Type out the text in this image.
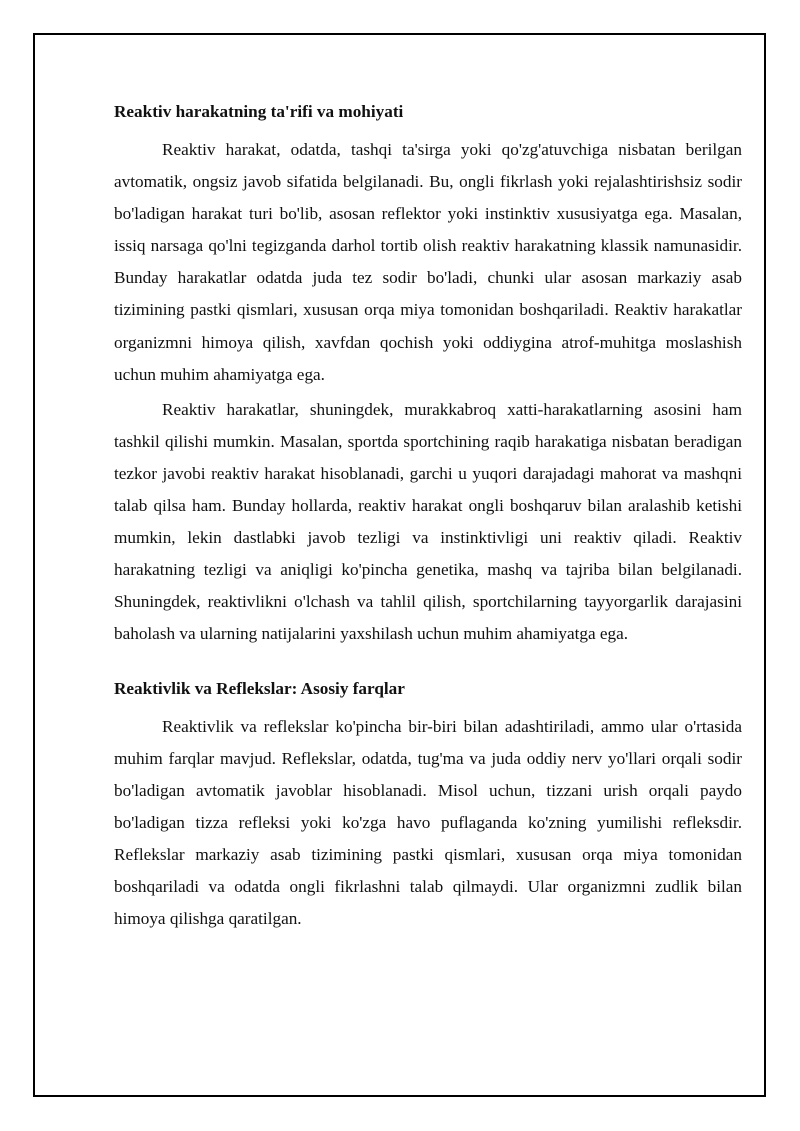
Reaktiv harakatning ta'rifi va mohiyati

Reaktiv harakat, odatda, tashqi ta'sirga yoki qo'zg'atuvchiga nisbatan berilgan avtomatik, ongsiz javob sifatida belgilanadi. Bu, ongli fikrlash yoki rejalashtirishsiz sodir bo'ladigan harakat turi bo'lib, asosan reflektor yoki instinktiv xususiyatga ega. Masalan, issiq narsaga qo'lni tegizganda darhol tortib olish reaktiv harakatning klassik namunasidir. Bunday harakatlar odatda juda tez sodir bo'ladi, chunki ular asosan markaziy asab tizimining pastki qismlari, xususan orqa miya tomonidan boshqariladi. Reaktiv harakatlar organizmni himoya qilish, xavfdan qochish yoki oddiygina atrof-muhitga moslashish uchun muhim ahamiyatga ega.

Reaktiv harakatlar, shuningdek, murakkabroq xatti-harakatlarning asosini ham tashkil qilishi mumkin. Masalan, sportda sportchining raqib harakatiga nisbatan beradigan tezkor javobi reaktiv harakat hisoblanadi, garchi u yuqori darajadagi mahorat va mashqni talab qilsa ham. Bunday hollarda, reaktiv harakat ongli boshqaruv bilan aralashib ketishi mumkin, lekin dastlabki javob tezligi va instinktivligi uni reaktiv qiladi. Reaktiv harakatning tezligi va aniqligi ko'pincha genetika, mashq va tajriba bilan belgilanadi. Shuningdek, reaktivlikni o'lchash va tahlil qilish, sportchilarning tayyorgarlik darajasini baholash va ularning natijalarini yaxshilash uchun muhim ahamiyatga ega.

Reaktivlik va Reflekslar: Asosiy farqlar

Reaktivlik va reflekslar ko'pincha bir-biri bilan adashtiriladi, ammo ular o'rtasida muhim farqlar mavjud. Reflekslar, odatda, tug'ma va juda oddiy nerv yo'llari orqali sodir bo'ladigan avtomatik javoblar hisoblanadi. Misol uchun, tizzani urish orqali paydo bo'ladigan tizza refleksi yoki ko'zga havo puflaganda ko'zning yumilishi refleksdir. Reflekslar markaziy asab tizimining pastki qismlari, xususan orqa miya tomonidan boshqariladi va odatda ongli fikrlashni talab qilmaydi. Ular organizmni zudlik bilan himoya qilishga qaratilgan.
